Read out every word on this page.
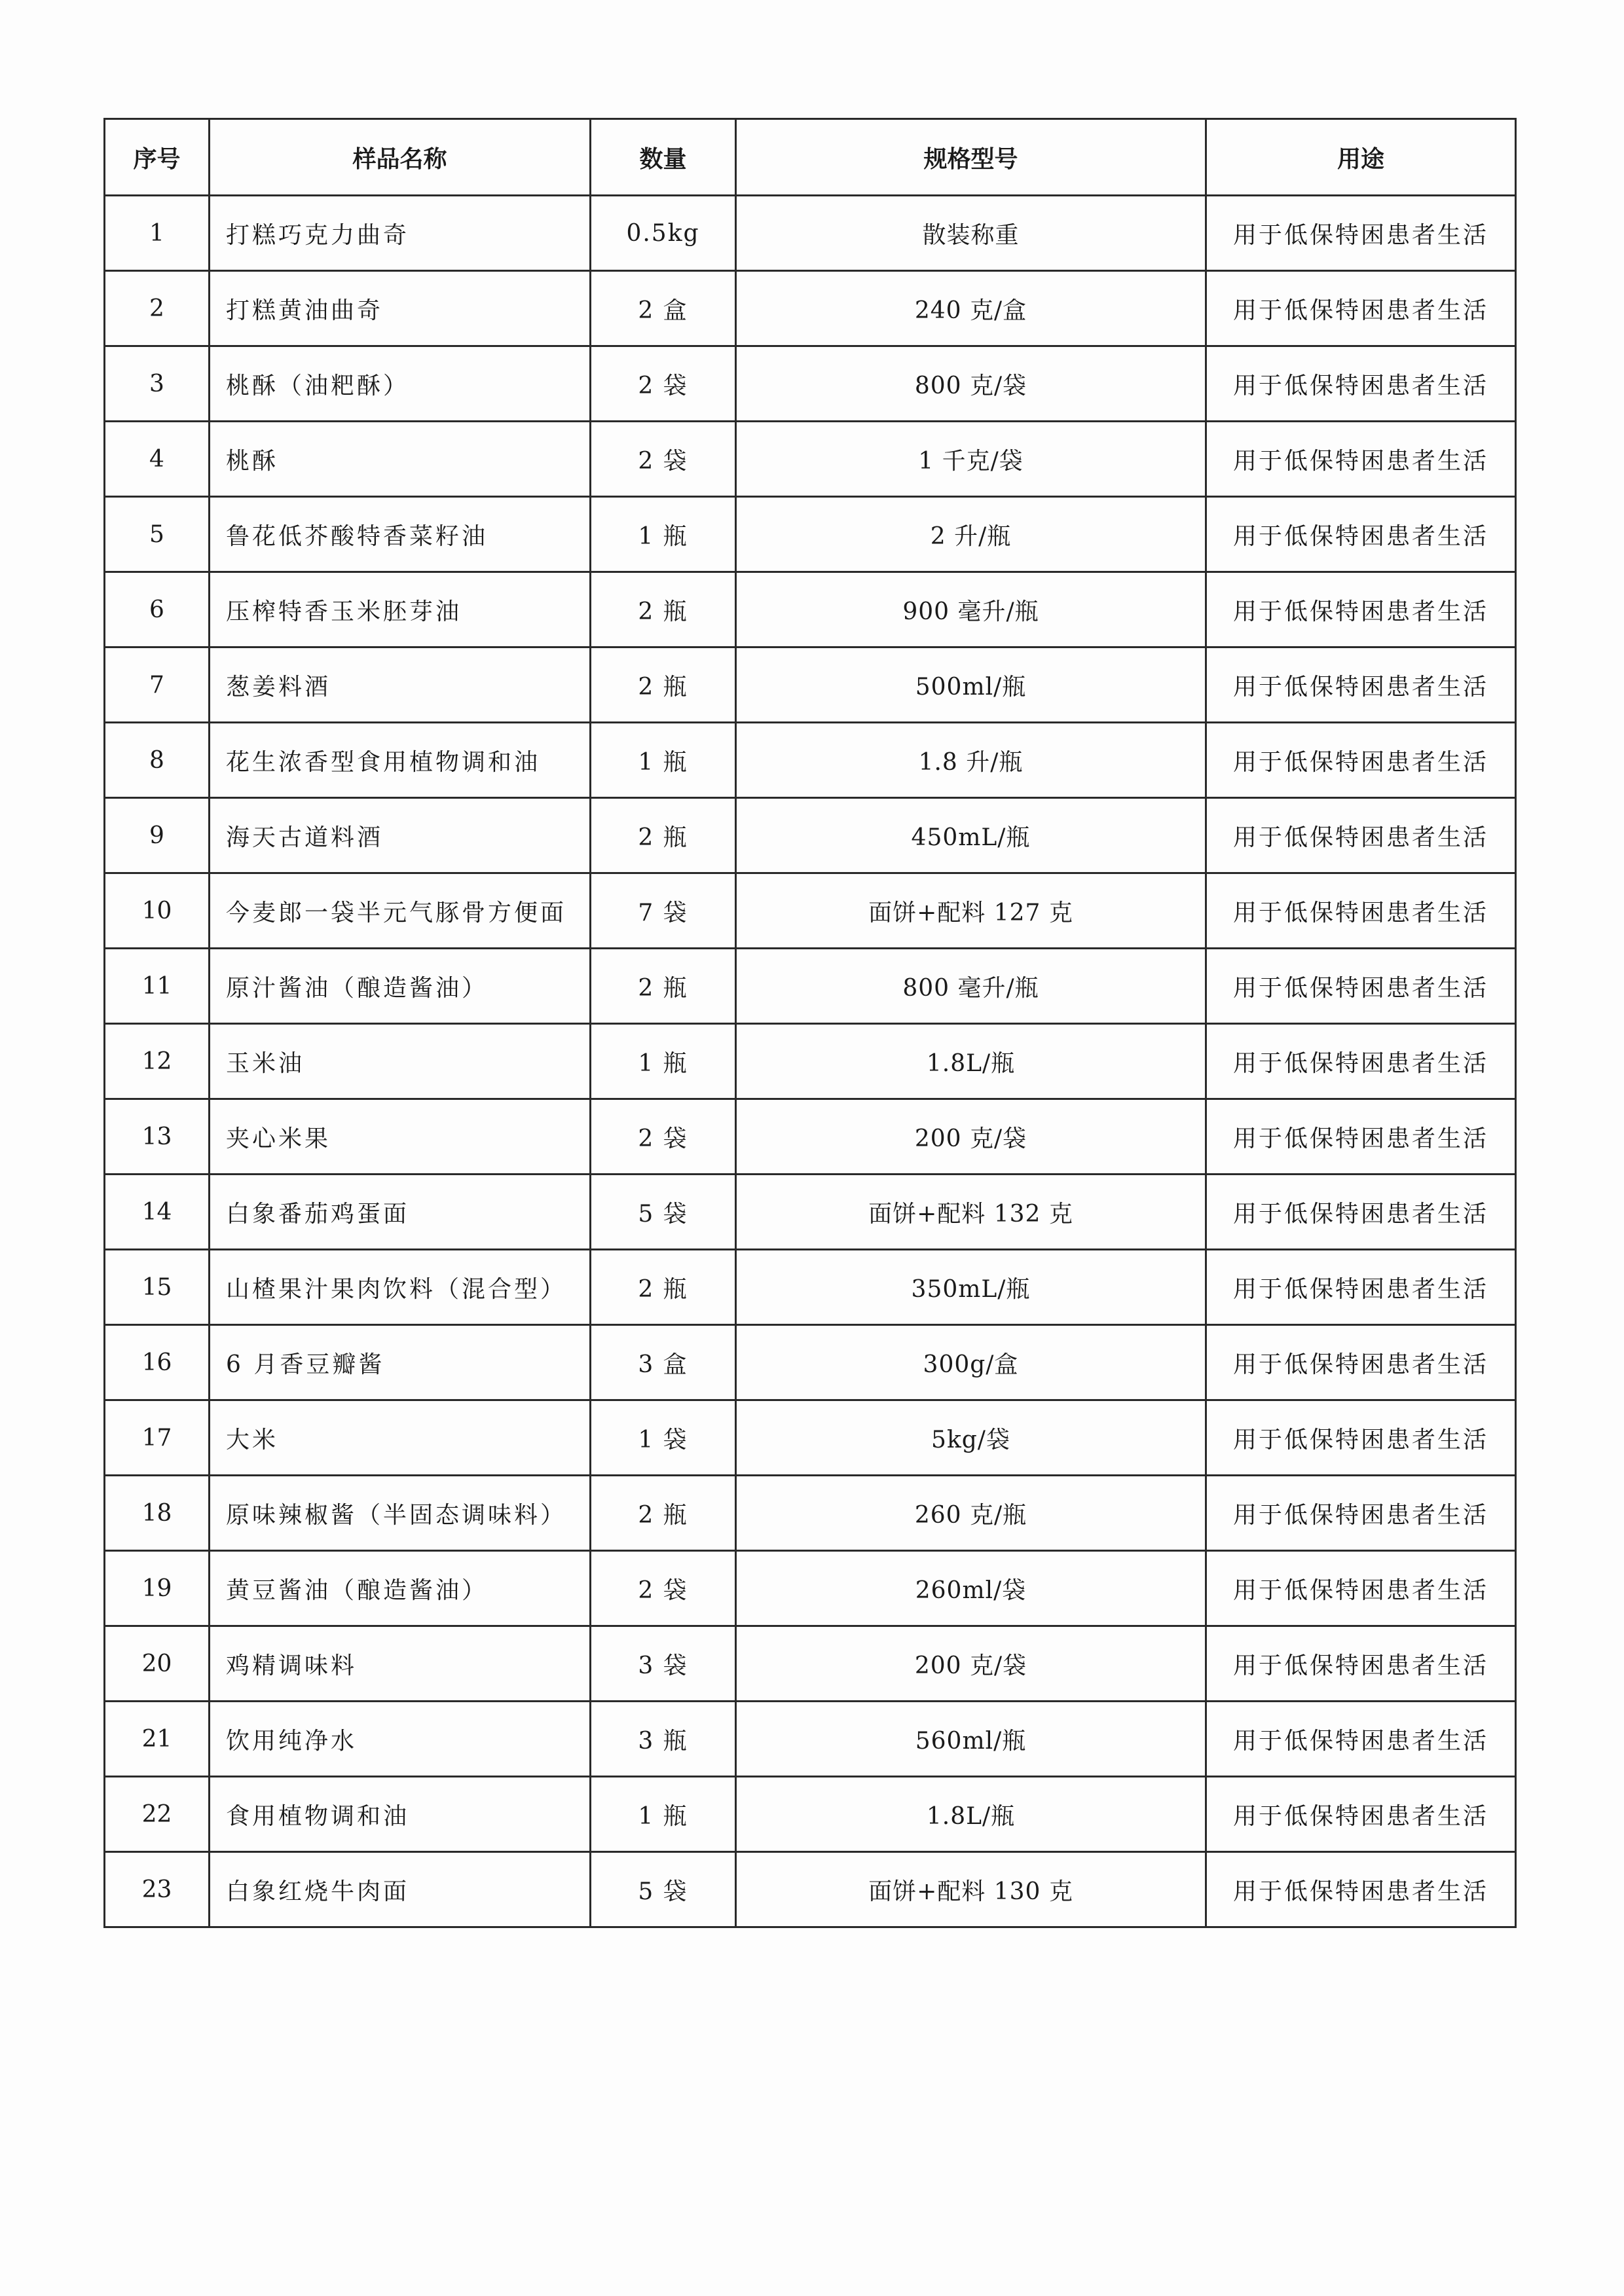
序号	样品名称	数量	规格型号	用途
1	打糕巧克力曲奇	0.5kg	散装称重	用于低保特困患者生活
2	打糕黄油曲奇	2 盒	240 克/盒	用于低保特困患者生活
3	桃酥（油粑酥）	2 袋	800 克/袋	用于低保特困患者生活
4	桃酥	2 袋	1 千克/袋	用于低保特困患者生活
5	鲁花低芥酸特香菜籽油	1 瓶	2 升/瓶	用于低保特困患者生活
6	压榨特香玉米胚芽油	2 瓶	900 毫升/瓶	用于低保特困患者生活
7	葱姜料酒	2 瓶	500ml/瓶	用于低保特困患者生活
8	花生浓香型食用植物调和油	1 瓶	1.8 升/瓶	用于低保特困患者生活
9	海天古道料酒	2 瓶	450mL/瓶	用于低保特困患者生活
10	今麦郎一袋半元气豚骨方便面	7 袋	面饼+配料 127 克	用于低保特困患者生活
11	原汁酱油（酿造酱油）	2 瓶	800 毫升/瓶	用于低保特困患者生活
12	玉米油	1 瓶	1.8L/瓶	用于低保特困患者生活
13	夹心米果	2 袋	200 克/袋	用于低保特困患者生活
14	白象番茄鸡蛋面	5 袋	面饼+配料 132 克	用于低保特困患者生活
15	山楂果汁果肉饮料（混合型）	2 瓶	350mL/瓶	用于低保特困患者生活
16	6 月香豆瓣酱	3 盒	300g/盒	用于低保特困患者生活
17	大米	1 袋	5kg/袋	用于低保特困患者生活
18	原味辣椒酱（半固态调味料）	2 瓶	260 克/瓶	用于低保特困患者生活
19	黄豆酱油（酿造酱油）	2 袋	260ml/袋	用于低保特困患者生活
20	鸡精调味料	3 袋	200 克/袋	用于低保特困患者生活
21	饮用纯净水	3 瓶	560ml/瓶	用于低保特困患者生活
22	食用植物调和油	1 瓶	1.8L/瓶	用于低保特困患者生活
23	白象红烧牛肉面	5 袋	面饼+配料 130 克	用于低保特困患者生活
